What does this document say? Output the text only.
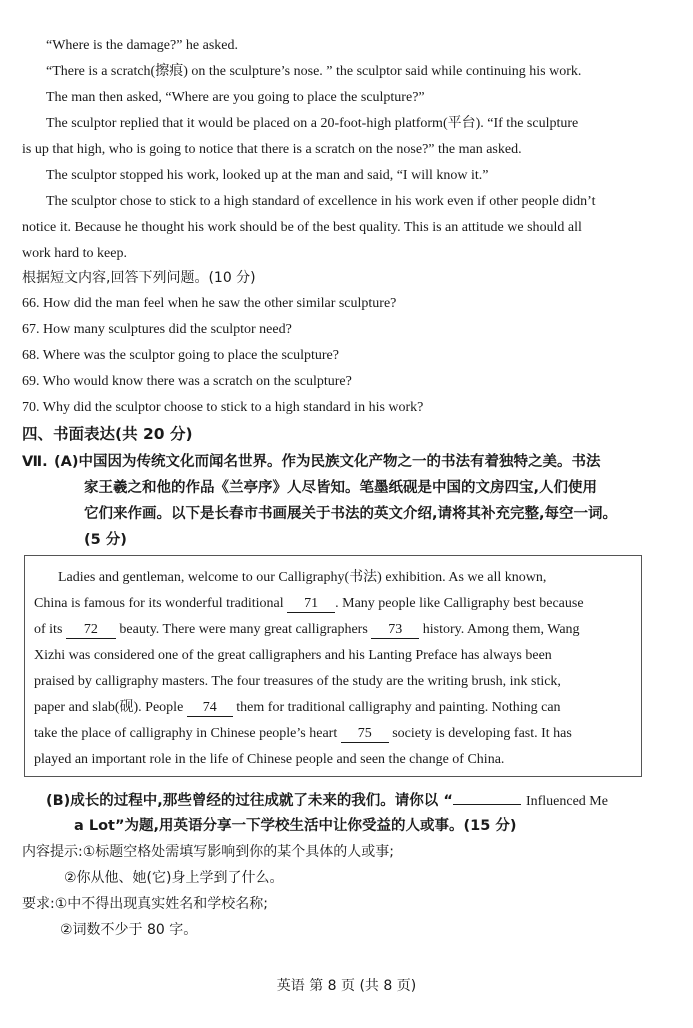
“Where is the damage?” he asked.
“There is a scratch(擦痕) on the sculpture’s nose. ” the sculptor said while continuing his work.
The man then asked, “Where are you going to place the sculpture?”
The sculptor replied that it would be placed on a 20-foot-high platform(平台). “If the sculpture
is up that high, who is going to notice that there is a scratch on the nose?” the man asked.
The sculptor stopped his work, looked up at the man and said, “I will know it.”
The sculptor chose to stick to a high standard of excellence in his work even if other people didn’t
notice it. Because he thought his work should be of the best quality. This is an attitude we should all
work hard to keep.
根据短文内容,回答下列问题。(10 分)
66. How did the man feel when he saw the other similar sculpture?
67. How many sculptures did the sculptor need?
68. Where was the sculptor going to place the sculpture?
69. Who would know there was a scratch on the sculpture?
70. Why did the sculptor choose to stick to a high standard in his work?
四、书面表达(共 20 分)
Ⅶ. (A)中国因为传统文化而闻名世界。作为民族文化产物之一的书法有着独特之美。书法
家王羲之和他的作品《兰亭序》人尽皆知。笔墨纸砚是中国的文房四宝,人们使用
它们来作画。以下是长春市书画展关于书法的英文介绍,请将其补充完整,每空一词。
(5 分)
Ladies and gentleman, welcome to our Calligraphy(书法) exhibition. As we all known,
China is famous for its wonderful traditional 71 . Many people like Calligraphy best because
of its 72 beauty. There were many great calligraphers 73 history. Among them, Wang
Xizhi was considered one of the great calligraphers and his Lanting Preface has always been
praised by calligraphy masters. The four treasures of the study are the writing brush, ink stick,
paper and slab(砚). People 74 them for traditional calligraphy and painting. Nothing can
take the place of calligraphy in Chinese people’s heart 75 society is developing fast. It has
played an important role in the life of Chinese people and seen the change of China.
(B)成长的过程中,那些曾经的过往成就了未来的我们。请你以 “	Influenced Me
a Lot”为题,用英语分享一下学校生活中让你受益的人或事。(15 分)
内容提示:①标题空格处需填写影响到你的某个具体的人或事;
②你从他、她(它)身上学到了什么。
要求:①中不得出现真实姓名和学校名称;
②词数不少于 80 字。
英语 第 8 页 (共 8 页)
